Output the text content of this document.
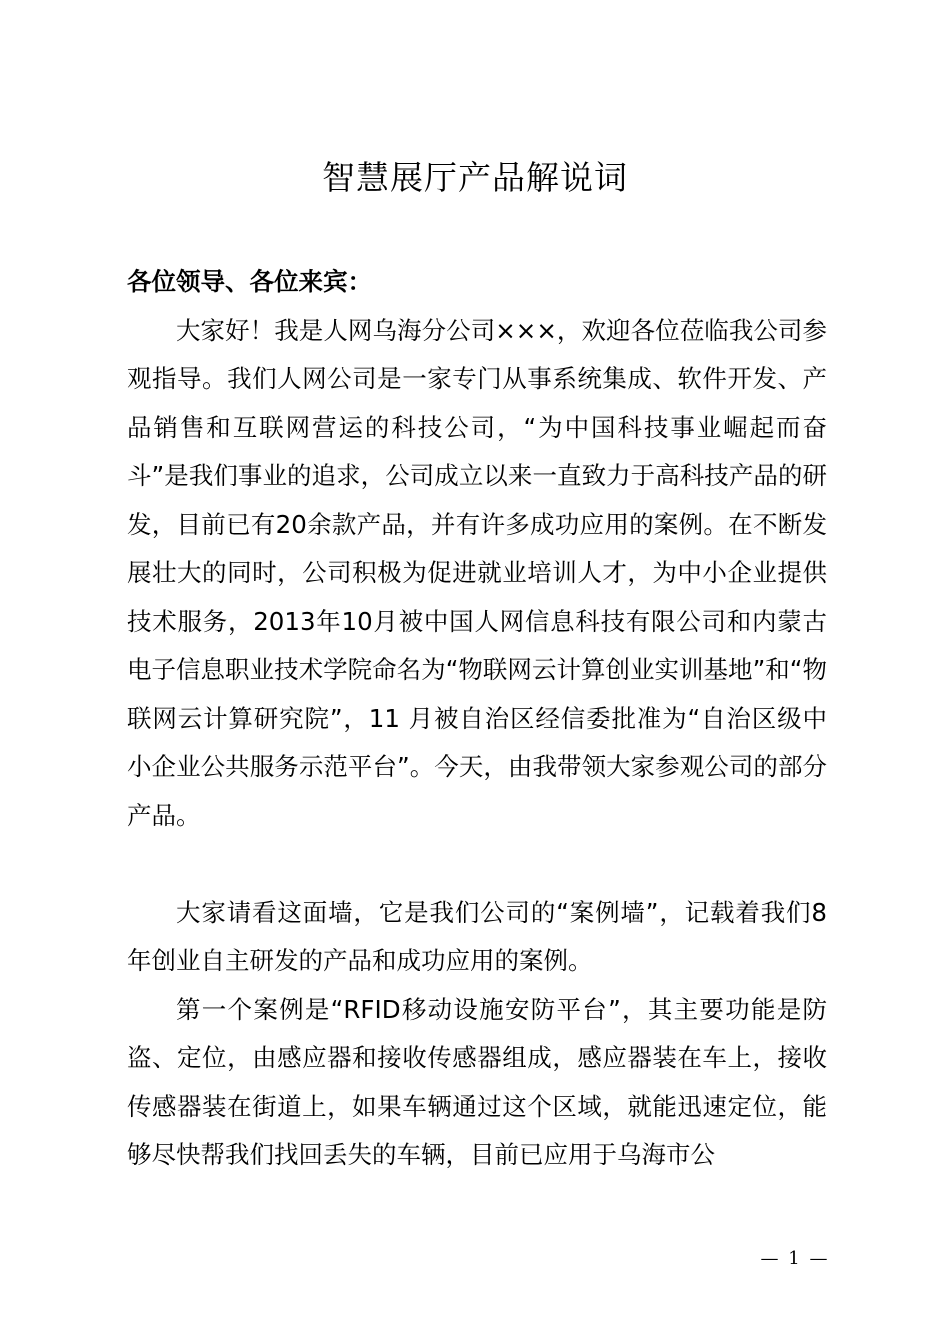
智慧展厅产品解说词

各位领导、各位来宾：

大家好！我是人网乌海分公司×××，欢迎各位莅临我公司参观指导。我们人网公司是一家专门从事系统集成、软件开发、产品销售和互联网营运的科技公司，“为中国科技事业崛起而奋斗”是我们事业的追求，公司成立以来一直致力于高科技产品的研发，目前已有20余款产品，并有许多成功应用的案例。在不断发展壮大的同时，公司积极为促进就业培训人才，为中小企业提供技术服务，2013年10月被中国人网信息科技有限公司和内蒙古电子信息职业技术学院命名为“物联网云计算创业实训基地”和“物联网云计算研究院”，11 月被自治区经信委批准为“自治区级中小企业公共服务示范平台”。今天，由我带领大家参观公司的部分产品。

大家请看这面墙，它是我们公司的“案例墙”，记载着我们8年创业自主研发的产品和成功应用的案例。

第一个案例是“RFID移动设施安防平台”，其主要功能是防盗、定位，由感应器和接收传感器组成，感应器装在车上，接收传感器装在街道上，如果车辆通过这个区域，就能迅速定位，能够尽快帮我们找回丢失的车辆，目前已应用于乌海市公

— 1 —
